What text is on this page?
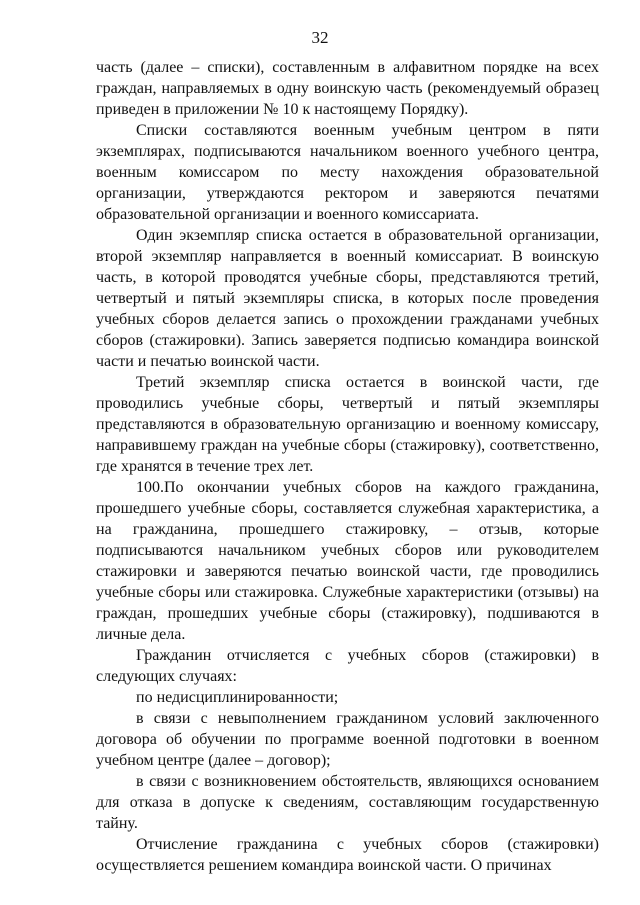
32

часть (далее – списки), составленным в алфавитном порядке на всех граждан, направляемых в одну воинскую часть (рекомендуемый образец приведен в приложении № 10 к настоящему Порядку).

Списки составляются военным учебным центром в пяти экземплярах, подписываются начальником военного учебного центра, военным комиссаром по месту нахождения образовательной организации, утверждаются ректором и заверяются печатями образовательной организации и военного комиссариата.

Один экземпляр списка остается в образовательной организации, второй экземпляр направляется в военный комиссариат. В воинскую часть, в которой проводятся учебные сборы, представляются третий, четвертый и пятый экземпляры списка, в которых после проведения учебных сборов делается запись о прохождении гражданами учебных сборов (стажировки). Запись заверяется подписью командира воинской части и печатью воинской части.

Третий экземпляр списка остается в воинской части, где проводились учебные сборы, четвертый и пятый экземпляры представляются в образовательную организацию и военному комиссару, направившему граждан на учебные сборы (стажировку), соответственно, где хранятся в течение трех лет.

100.По окончании учебных сборов на каждого гражданина, прошедшего учебные сборы, составляется служебная характеристика, а на гражданина, прошедшего стажировку, – отзыв, которые подписываются начальником учебных сборов или руководителем стажировки и заверяются печатью воинской части, где проводились учебные сборы или стажировка. Служебные характеристики (отзывы) на граждан, прошедших учебные сборы (стажировку), подшиваются в личные дела.

Гражданин отчисляется с учебных сборов (стажировки) в следующих случаях:

по недисциплинированности;

в связи с невыполнением гражданином условий заключенного договора об обучении по программе военной подготовки в военном учебном центре (далее – договор);

в связи с возникновением обстоятельств, являющихся основанием для отказа в допуске к сведениям, составляющим государственную тайну.

Отчисление гражданина с учебных сборов (стажировки) осуществляется решением командира воинской части. О причинах
